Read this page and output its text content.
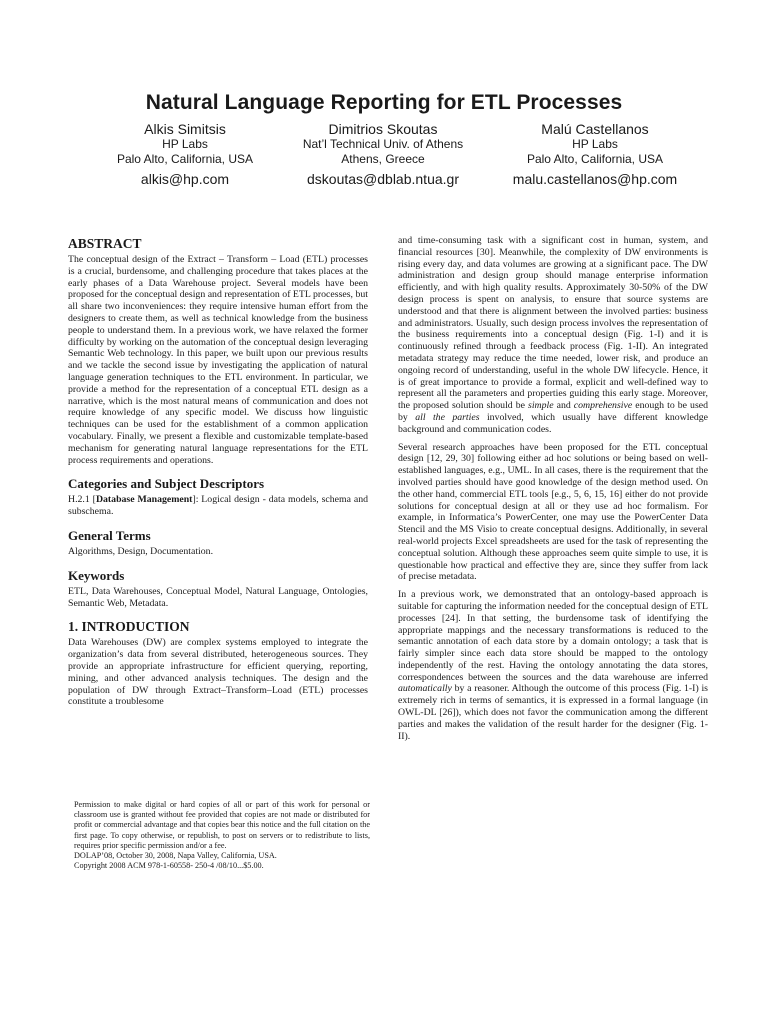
Natural Language Reporting for ETL Processes
Alkis Simitsis
HP Labs
Palo Alto, California, USA
alkis@hp.com
Dimitrios Skoutas
Nat’l Technical Univ. of Athens
Athens, Greece
dskoutas@dblab.ntua.gr
Malú Castellanos
HP Labs
Palo Alto, California, USA
malu.castellanos@hp.com
ABSTRACT

The conceptual design of the Extract – Transform – Load (ETL) processes is a crucial, burdensome, and challenging procedure that takes places at the early phases of a Data Warehouse project. Several models have been proposed for the conceptual design and representation of ETL processes, but all share two inconveniences: they require intensive human effort from the designers to create them, as well as technical knowledge from the business people to understand them. In a previous work, we have relaxed the former difficulty by working on the automation of the conceptual design leveraging Semantic Web technology. In this paper, we built upon our previous results and we tackle the second issue by investigating the application of natural language generation techniques to the ETL environment. In particular, we provide a method for the representation of a conceptual ETL design as a narrative, which is the most natural means of communication and does not require knowledge of any specific model. We discuss how linguistic techniques can be used for the establishment of a common application vocabulary. Finally, we present a flexible and customizable template-based mechanism for generating natural language representations for the ETL process requirements and operations.

Categories and Subject Descriptors

H.2.1 [Database Management]: Logical design - data models, schema and subschema.

General Terms

Algorithms, Design, Documentation.

Keywords

ETL, Data Warehouses, Conceptual Model, Natural Language, Ontologies, Semantic Web, Metadata.

1. INTRODUCTION

Data Warehouses (DW) are complex systems employed to integrate the organization’s data from several distributed, heterogeneous sources. They provide an appropriate infrastructure for efficient querying, reporting, mining, and other advanced analysis techniques. The design and the population of DW through Extract–Transform–Load (ETL) processes constitute a troublesome

Permission to make digital or hard copies of all or part of this work for personal or classroom use is granted without fee provided that copies are not made or distributed for profit or commercial advantage and that copies bear this notice and the full citation on the first page. To copy otherwise, or republish, to post on servers or to redistribute to lists, requires prior specific permission and/or a fee.

DOLAP’08, October 30, 2008, Napa Valley, California, USA.

Copyright 2008 ACM 978-1-60558- 250-4 /08/10...$5.00.

and time-consuming task with a significant cost in human, system, and financial resources [30]. Meanwhile, the complexity of DW environments is rising every day, and data volumes are growing at a significant pace. The DW administration and design group should manage enterprise information efficiently, and with high quality results. Approximately 30-50% of the DW design process is spent on analysis, to ensure that source systems are understood and that there is alignment between the involved parties: business and administrators. Usually, such design process involves the representation of the business requirements into a conceptual design (Fig. 1-I) and it is continuously refined through a feedback process (Fig. 1-II). An integrated metadata strategy may reduce the time needed, lower risk, and produce an ongoing record of understanding, useful in the whole DW lifecycle. Hence, it is of great importance to provide a formal, explicit and well-defined way to represent all the parameters and properties guiding this early stage. Moreover, the proposed solution should be simple and comprehensive enough to be used by all the parties involved, which usually have different knowledge background and communication codes.

Several research approaches have been proposed for the ETL conceptual design [12, 29, 30] following either ad hoc solutions or being based on well-established languages, e.g., UML. In all cases, there is the requirement that the involved parties should have good knowledge of the design method used. On the other hand, commercial ETL tools [e.g., 5, 6, 15, 16] either do not provide solutions for conceptual design at all or they use ad hoc formalism. For example, in Informatica’s PowerCenter, one may use the PowerCenter Data Stencil and the MS Visio to create conceptual designs. Additionally, in several real-world projects Excel spreadsheets are used for the task of representing the conceptual solution. Although these approaches seem quite simple to use, it is questionable how practical and effective they are, since they suffer from lack of precise metadata.

In a previous work, we demonstrated that an ontology-based approach is suitable for capturing the information needed for the conceptual design of ETL processes [24]. In that setting, the burdensome task of identifying the appropriate mappings and the necessary transformations is reduced to the semantic annotation of each data store by a domain ontology; a task that is fairly simpler since each data store should be mapped to the ontology independently of the rest. Having the ontology annotating the data stores, correspondences between the sources and the data warehouse are inferred automatically by a reasoner. Although the outcome of this process (Fig. 1-I) is extremely rich in terms of semantics, it is expressed in a formal language (in OWL-DL [26]), which does not favor the communication among the different parties and makes the validation of the result harder for the designer (Fig. 1-II).
